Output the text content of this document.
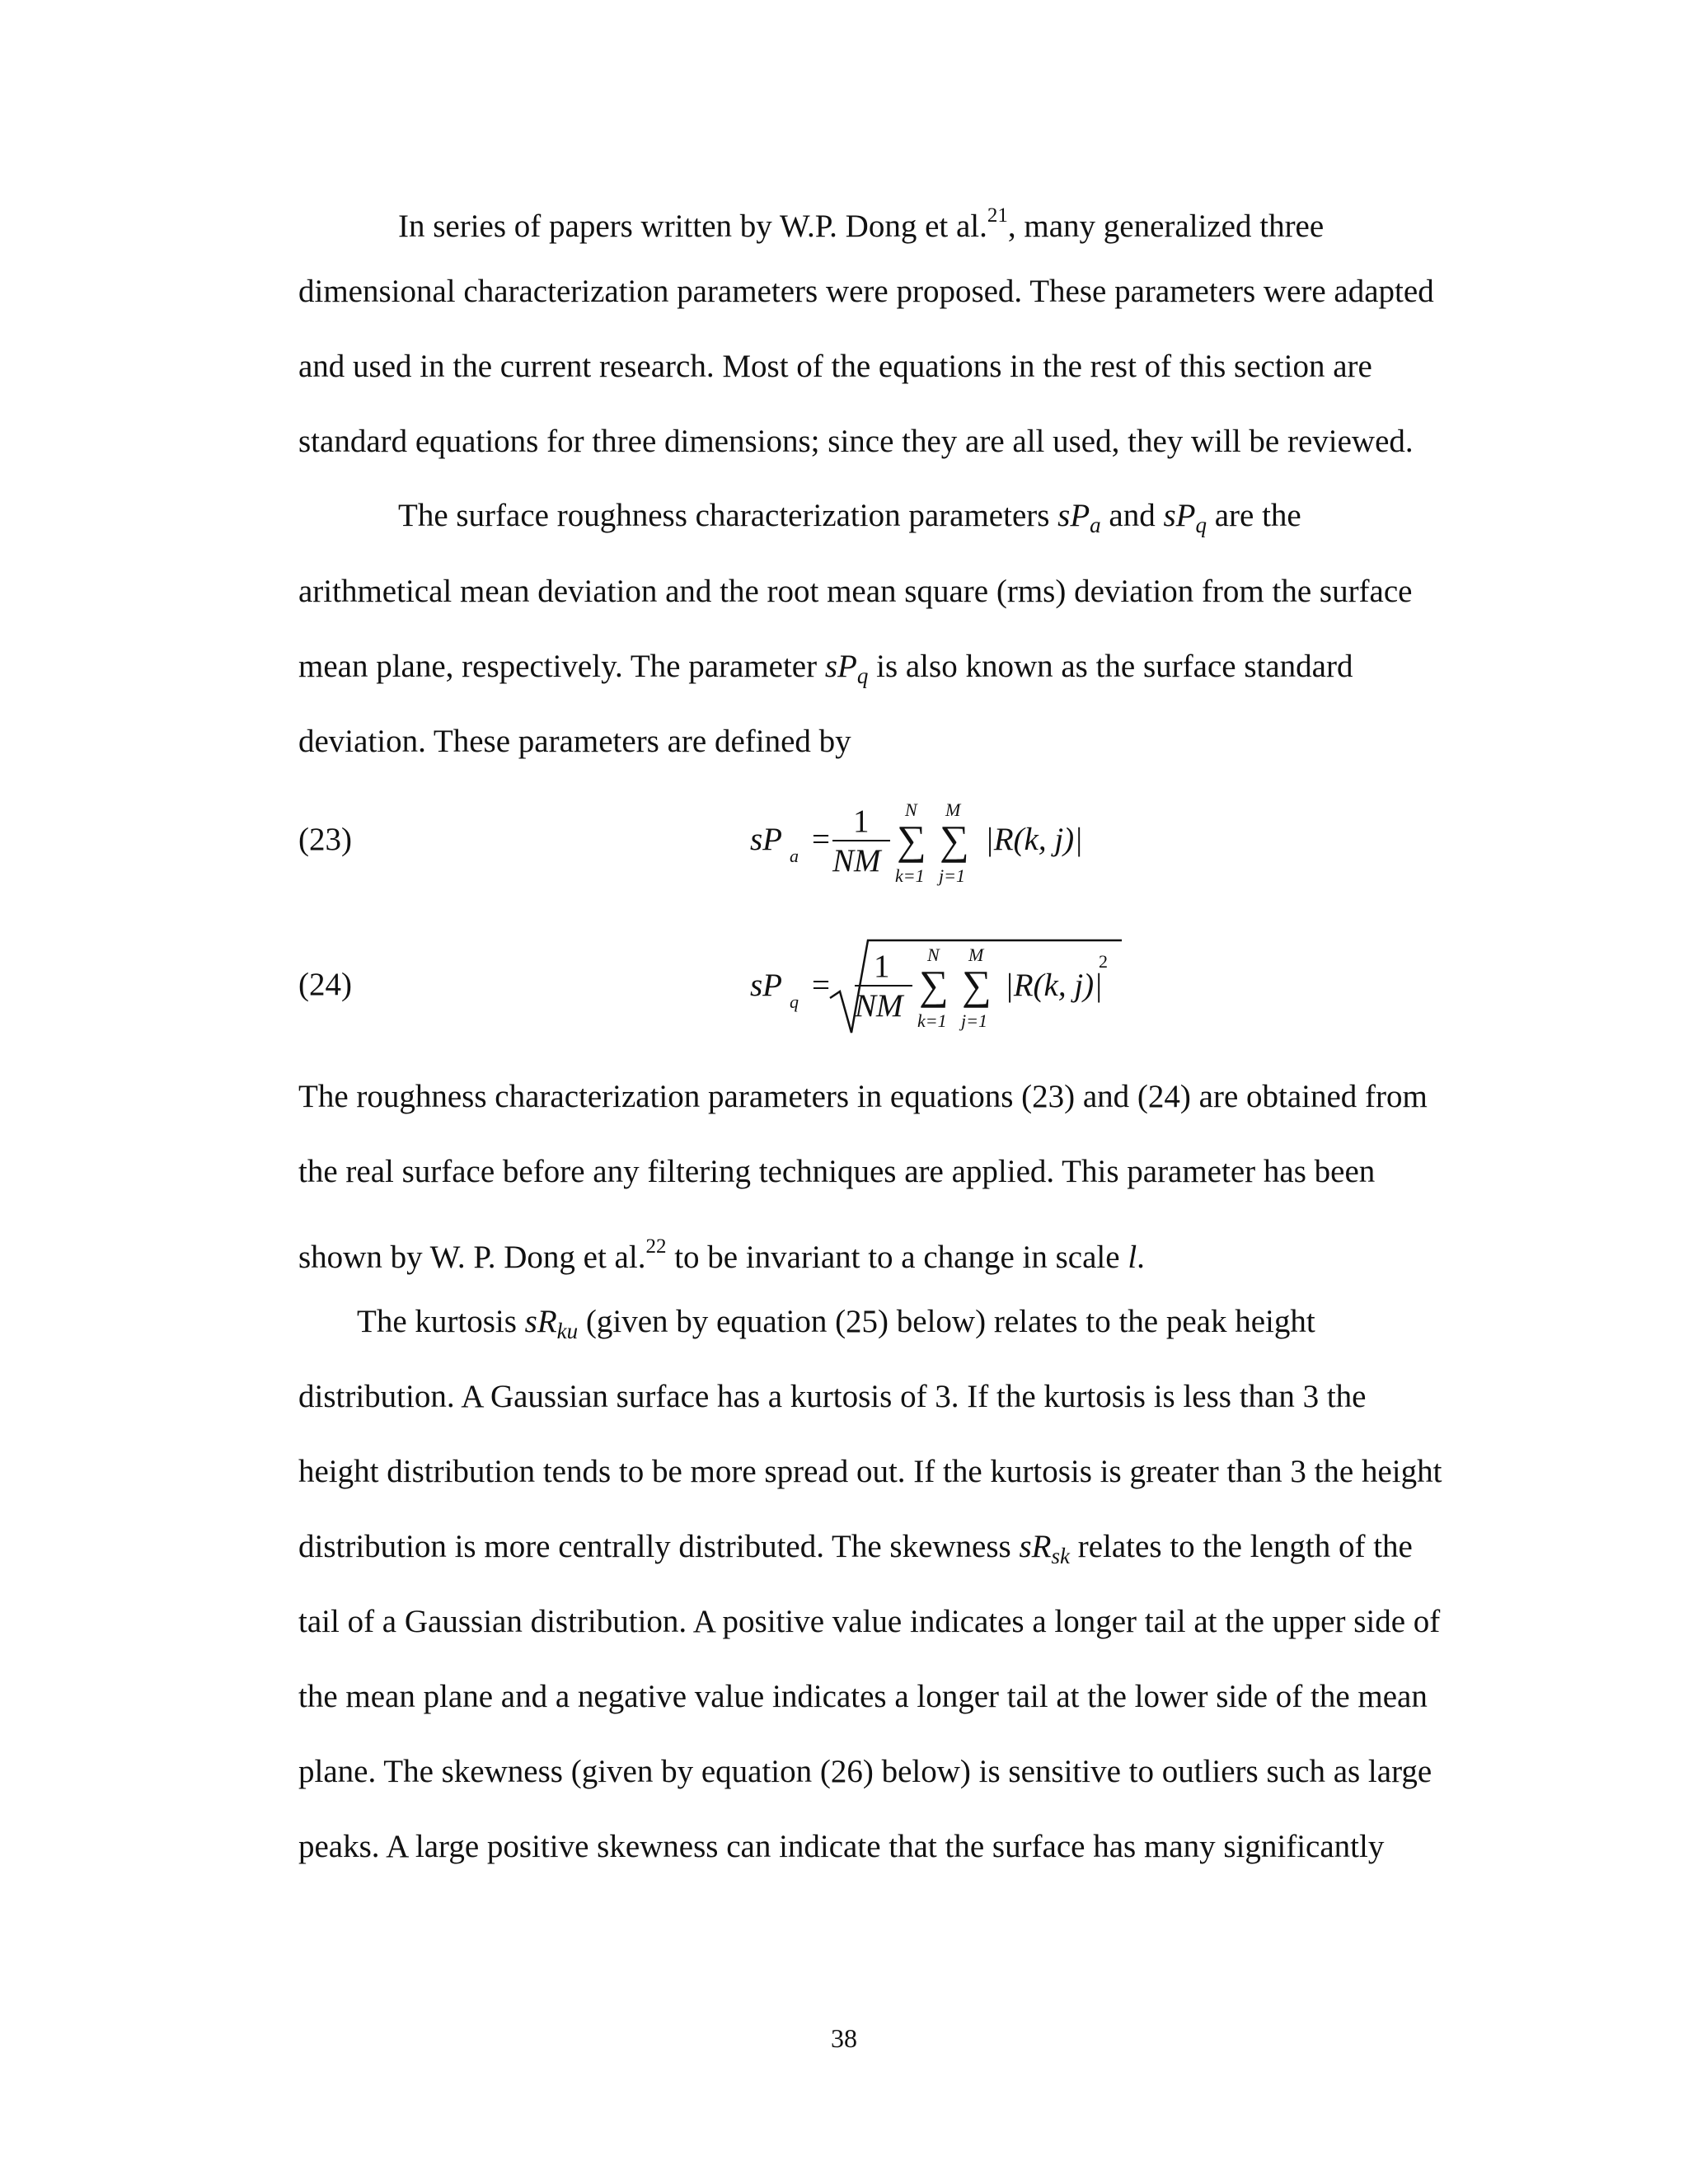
In series of papers written by W.P. Dong et al.$^{21}$, many generalized three
dimensional characterization parameters were proposed. These parameters were adapted
and used in the current research. Most of the equations in the rest of this section are
standard equations for three dimensions; since they are all used, they will be reviewed.
The surface roughness characterization parameters $sP_a$ and $sP_q$ are the
arithmetical mean deviation and the root mean square (rms) deviation from the surface
mean plane, respectively. The parameter $sP_q$ is also known as the surface standard
deviation. These parameters are defined by
(23)	sP a =
1
NM
N
∑
k=1
M
∑
j=1
|R(k, j)|
(24)	sP q =
1
NM
N
∑
k=1
M
∑
j=1
|R(k, j)|
2
The roughness characterization parameters in equations (23) and (24) are obtained from
the real surface before any filtering techniques are applied. This parameter has been
shown by W. P. Dong et al.$^{22}$ to be invariant to a change in scale l.
The kurtosis $sR_{ku}$ (given by equation (25) below) relates to the peak height
distribution. A Gaussian surface has a kurtosis of 3. If the kurtosis is less than 3 the
height distribution tends to be more spread out. If the kurtosis is greater than 3 the height
distribution is more centrally distributed. The skewness $sR_{sk}$ relates to the length of the
tail of a Gaussian distribution. A positive value indicates a longer tail at the upper side of
the mean plane and a negative value indicates a longer tail at the lower side of the mean
plane. The skewness (given by equation (26) below) is sensitive to outliers such as large
peaks. A large positive skewness can indicate that the surface has many significantly
38
